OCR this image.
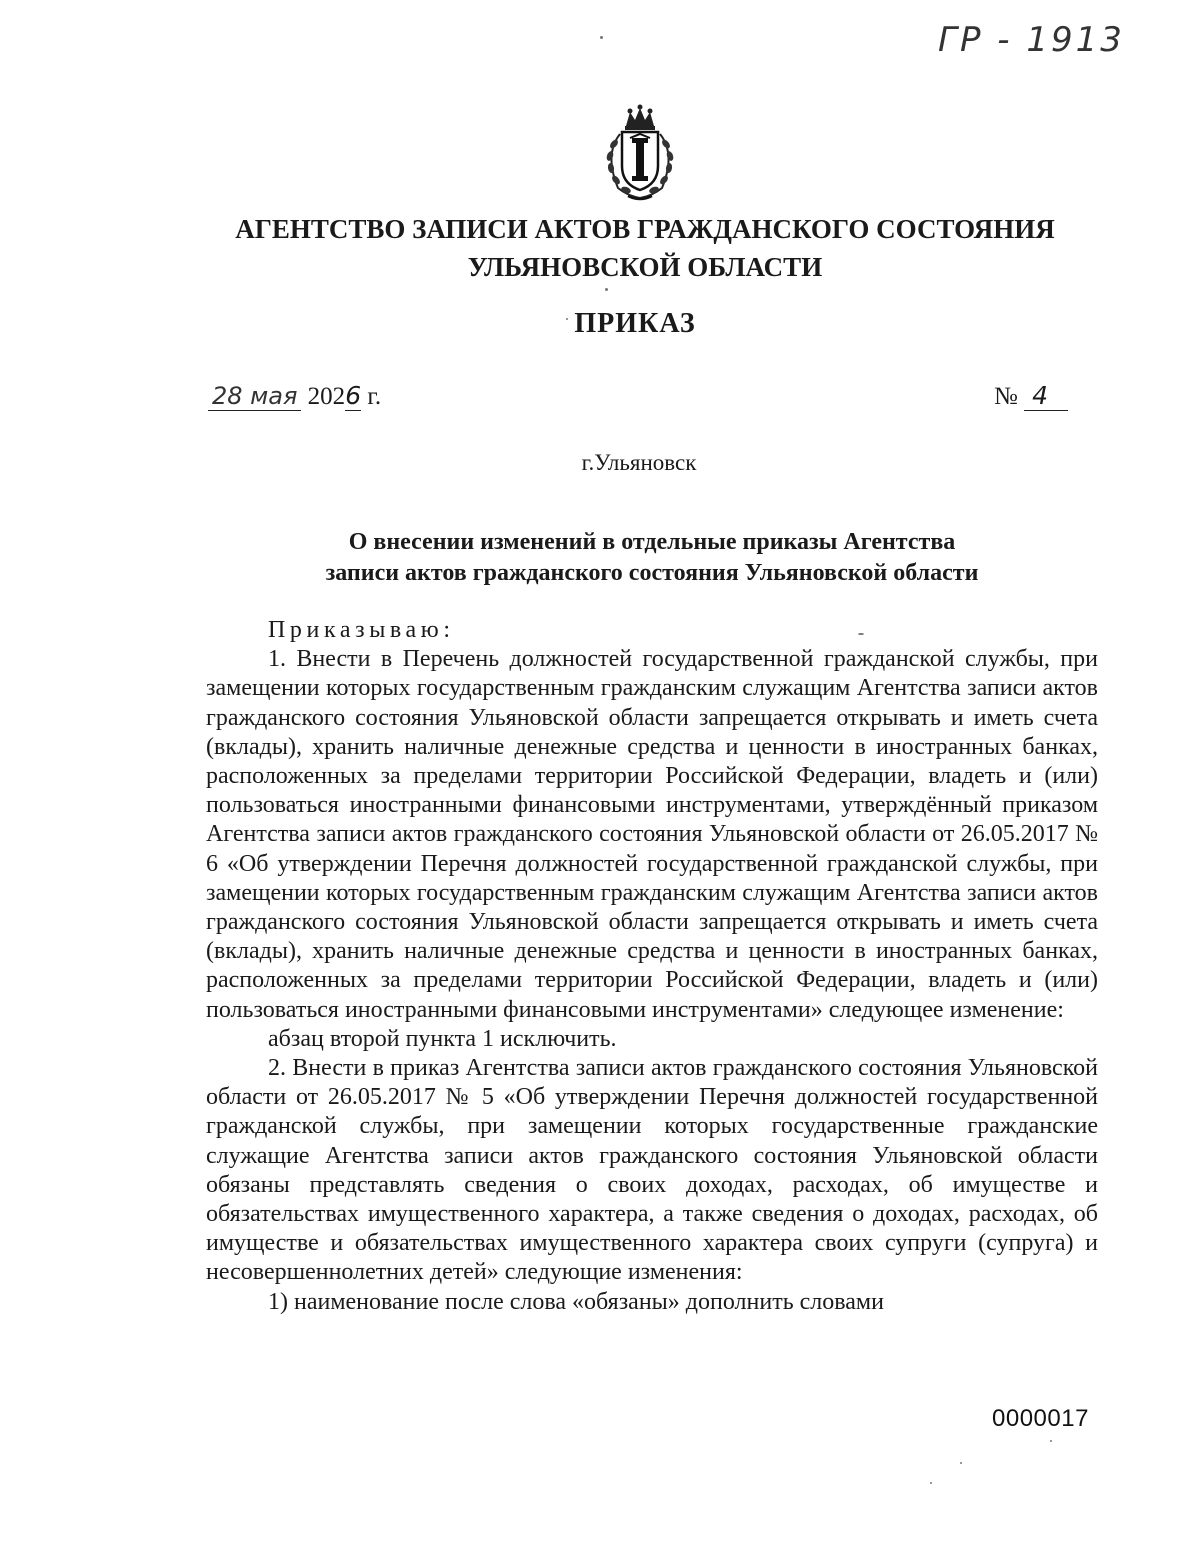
ГР - 1913
АГЕНТСТВО ЗАПИСИ АКТОВ ГРАЖДАНСКОГО СОСТОЯНИЯ
УЛЬЯНОВСКОЙ ОБЛАСТИ
ПРИКАЗ
28 мая 2026 г.	№ 4
г.Ульяновск
О внесении изменений в отдельные приказы Агентства
записи актов гражданского состояния Ульяновской области

Приказываю:

1. Внести в Перечень должностей государственной гражданской службы, при замещении которых государственным гражданским служащим Агентства записи актов гражданского состояния Ульяновской области запрещается открывать и иметь счета (вклады), хранить наличные денежные средства и ценности в иностранных банках, расположенных за пределами территории Российской Федерации, владеть и (или) пользоваться иностранными финансовыми инструментами, утверждённый приказом Агентства записи актов гражданского состояния Ульяновской области от 26.05.2017 № 6 «Об утверждении Перечня должностей государственной гражданской службы, при замещении которых государственным гражданским служащим Агентства записи актов гражданского состояния Ульяновской области запрещается открывать и иметь счета (вклады), хранить наличные денежные средства и ценности в иностранных банках, расположенных за пределами территории Российской Федерации, владеть и (или) пользоваться иностранными финансовыми инструментами» следующее изменение:

абзац второй пункта 1 исключить.

2. Внести в приказ Агентства записи актов гражданского состояния Ульяновской области от 26.05.2017 № 5 «Об утверждении Перечня должностей государственной гражданской службы, при замещении которых государственные гражданские служащие Агентства записи актов гражданского состояния Ульяновской области обязаны представлять сведения о своих доходах, расходах, об имуществе и обязательствах имущественного характера, а также сведения о доходах, расходах, об имуществе и обязательствах имущественного характера своих супруги (супруга) и несовершеннолетних детей» следующие изменения:

1) наименование после слова «обязаны» дополнить словами

0000017
